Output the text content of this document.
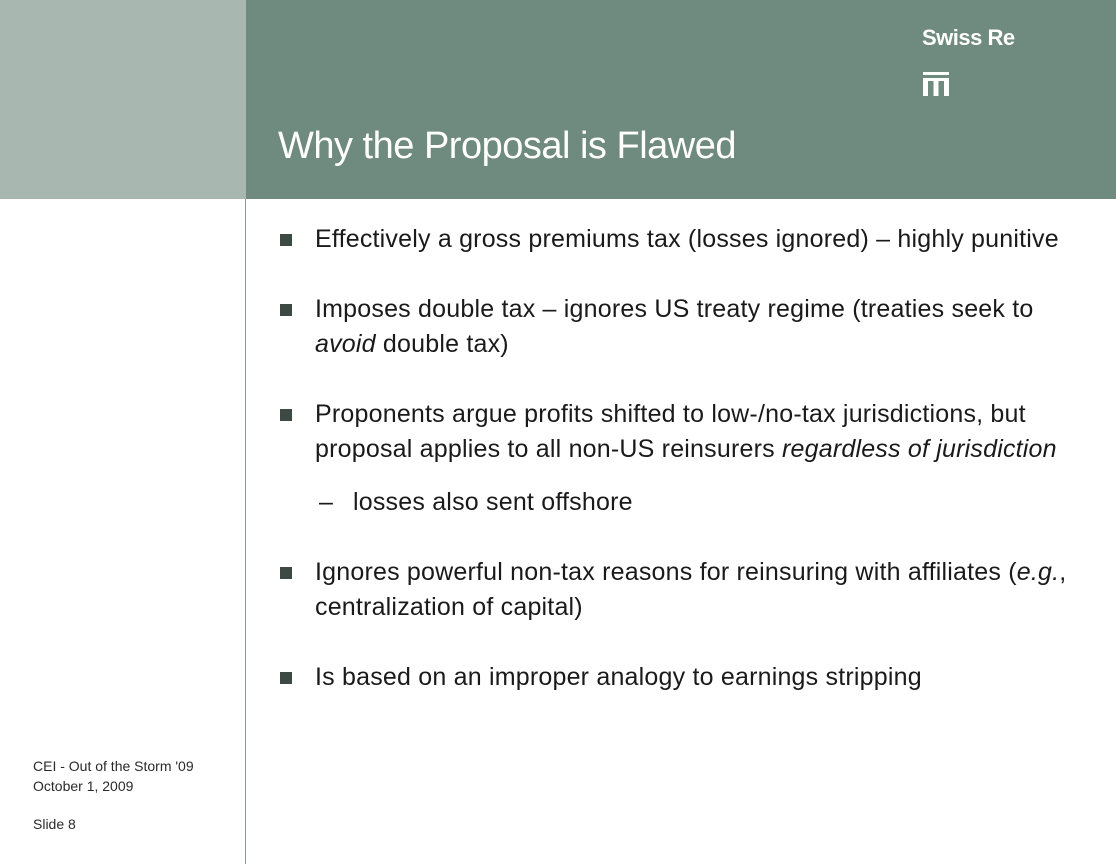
Swiss Re
Why the Proposal is Flawed
Effectively a gross premiums tax (losses ignored) – highly punitive
Imposes double tax – ignores US treaty regime (treaties seek to avoid double tax)
Proponents argue profits shifted to low-/no-tax jurisdictions, but proposal applies to all non-US reinsurers regardless of jurisdiction
– losses also sent offshore
Ignores powerful non-tax reasons for reinsuring with affiliates (e.g., centralization of capital)
Is based on an improper analogy to earnings stripping
CEI - Out of the Storm '09
October 1, 2009
Slide 8
